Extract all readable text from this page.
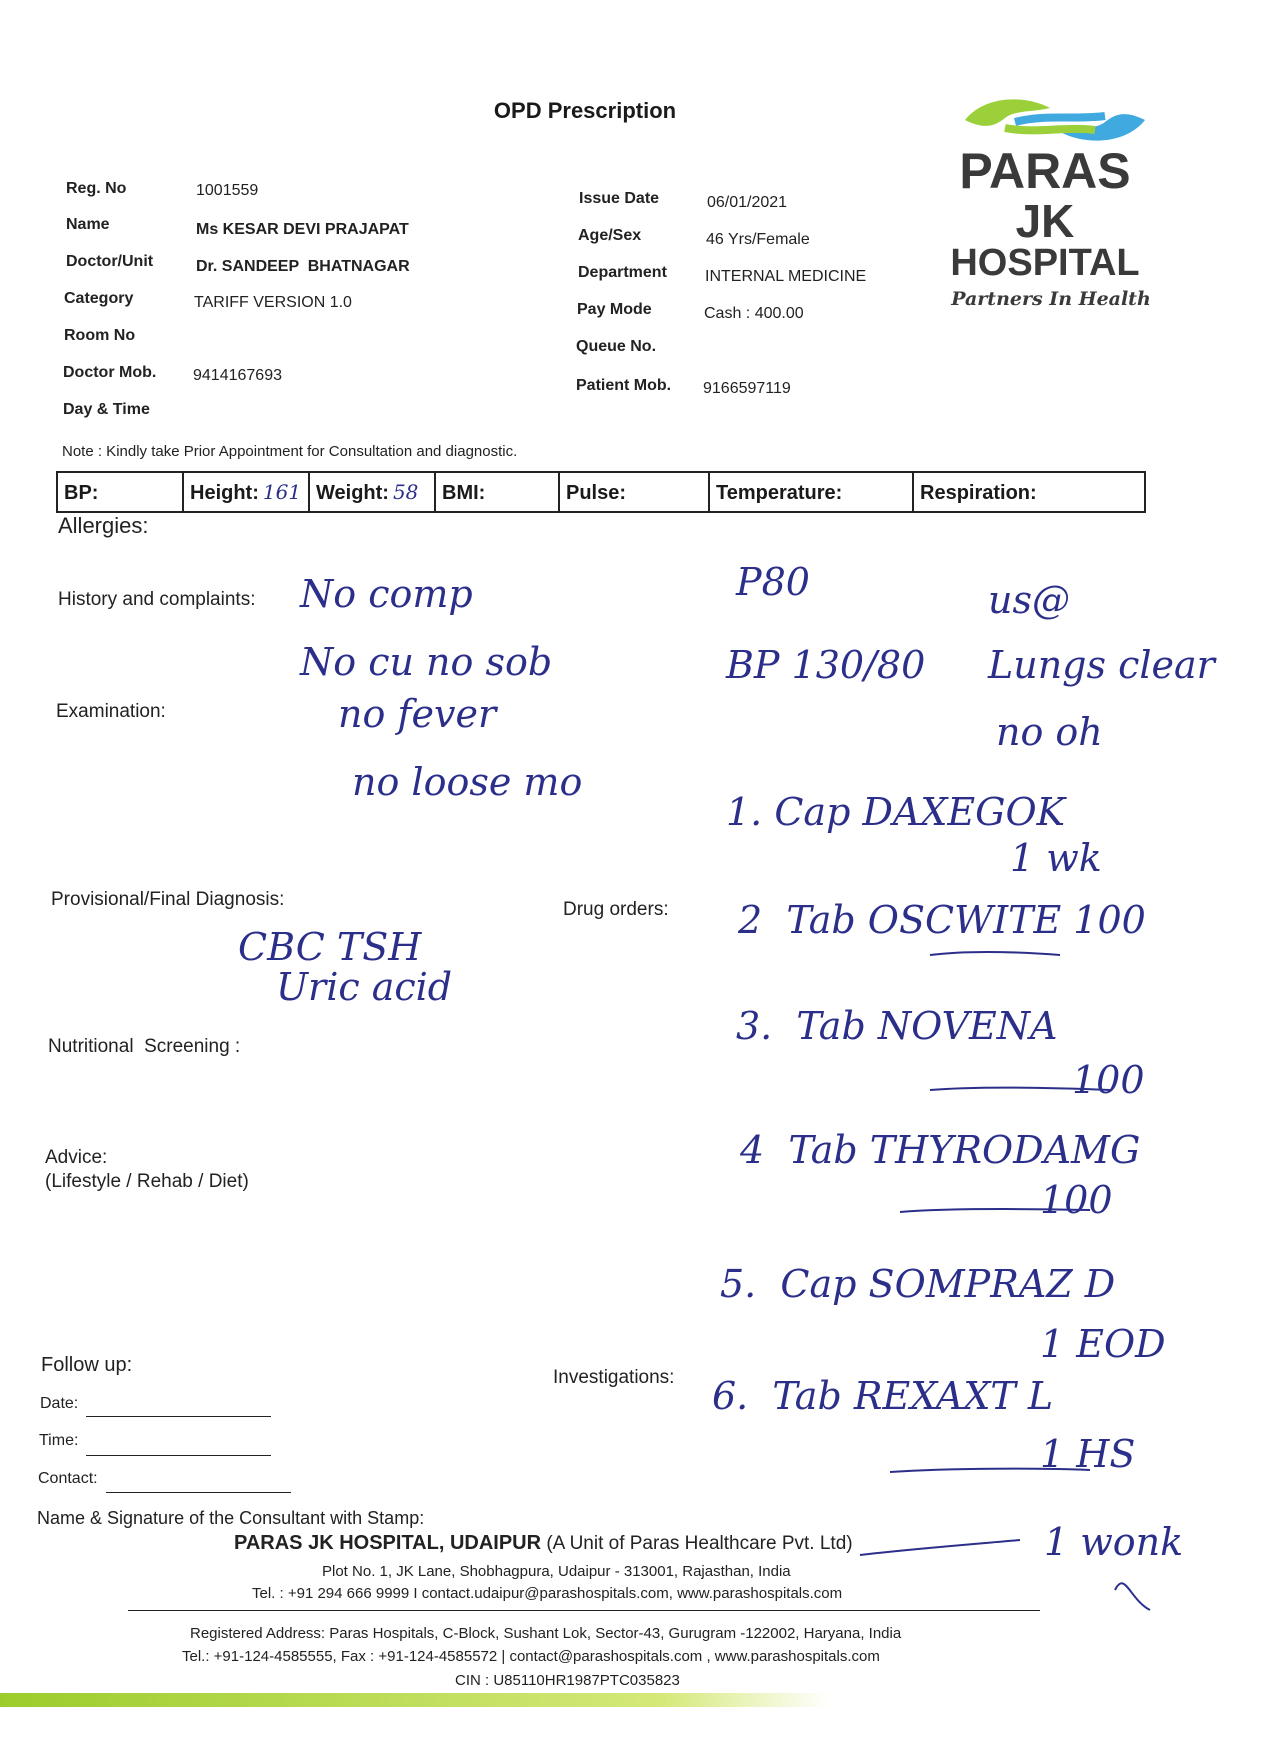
OPD Prescription
PARAS
JK
HOSPITAL
Partners In Health
Reg. No	1001559
Name	Ms KESAR DEVI PRAJAPAT
Doctor/Unit	Dr. SANDEEP  BHATNAGAR
Category	TARIFF VERSION 1.0
Room No
Doctor Mob. 9414167693
Day & Time
Issue Date	06/01/2021
Age/Sex	46 Yrs/Female
Department INTERNAL MEDICINE
Pay Mode	Cash : 400.00
Queue No.
Patient Mob. 9166597119
Note : Kindly take Prior Appointment for Consultation and diagnostic.
BP:	Height: 161	Weight: 58	BMI:	Pulse:	Temperature:	Respiration:
Allergies:
History and complaints:
Examination:
Provisional/Final Diagnosis:	Drug orders:
Nutritional  Screening :
Advice:
(Lifestyle / Rehab / Diet)
Follow up:
Investigations:
Date:
Time:
Contact:
Name & Signature of the Consultant with Stamp:
No comp
No cu no sob
no fever
no loose mo
P80
BP 130/80
us@
Lungs clear
no oh
1. Cap DAXEGOK
1 wk
CBC TSH
Uric acid
2  Tab OSCWITE 100
3.  Tab NOVENA
100
4  Tab THYRODAMG
100
5.  Cap SOMPRAZ D
1 EOD
6.  Tab REXAXT L
1 HS
1 wonk
PARAS JK HOSPITAL, UDAIPUR (A Unit of Paras Healthcare Pvt. Ltd)
Plot No. 1, JK Lane, Shobhagpura, Udaipur - 313001, Rajasthan, India
Tel. : +91 294 666 9999 I contact.udaipur@parashospitals.com, www.parashospitals.com
Registered Address: Paras Hospitals, C-Block, Sushant Lok, Sector-43, Gurugram -122002, Haryana, India
Tel.: +91-124-4585555, Fax : +91-124-4585572 | contact@parashospitals.com , www.parashospitals.com
CIN : U85110HR1987PTC035823
